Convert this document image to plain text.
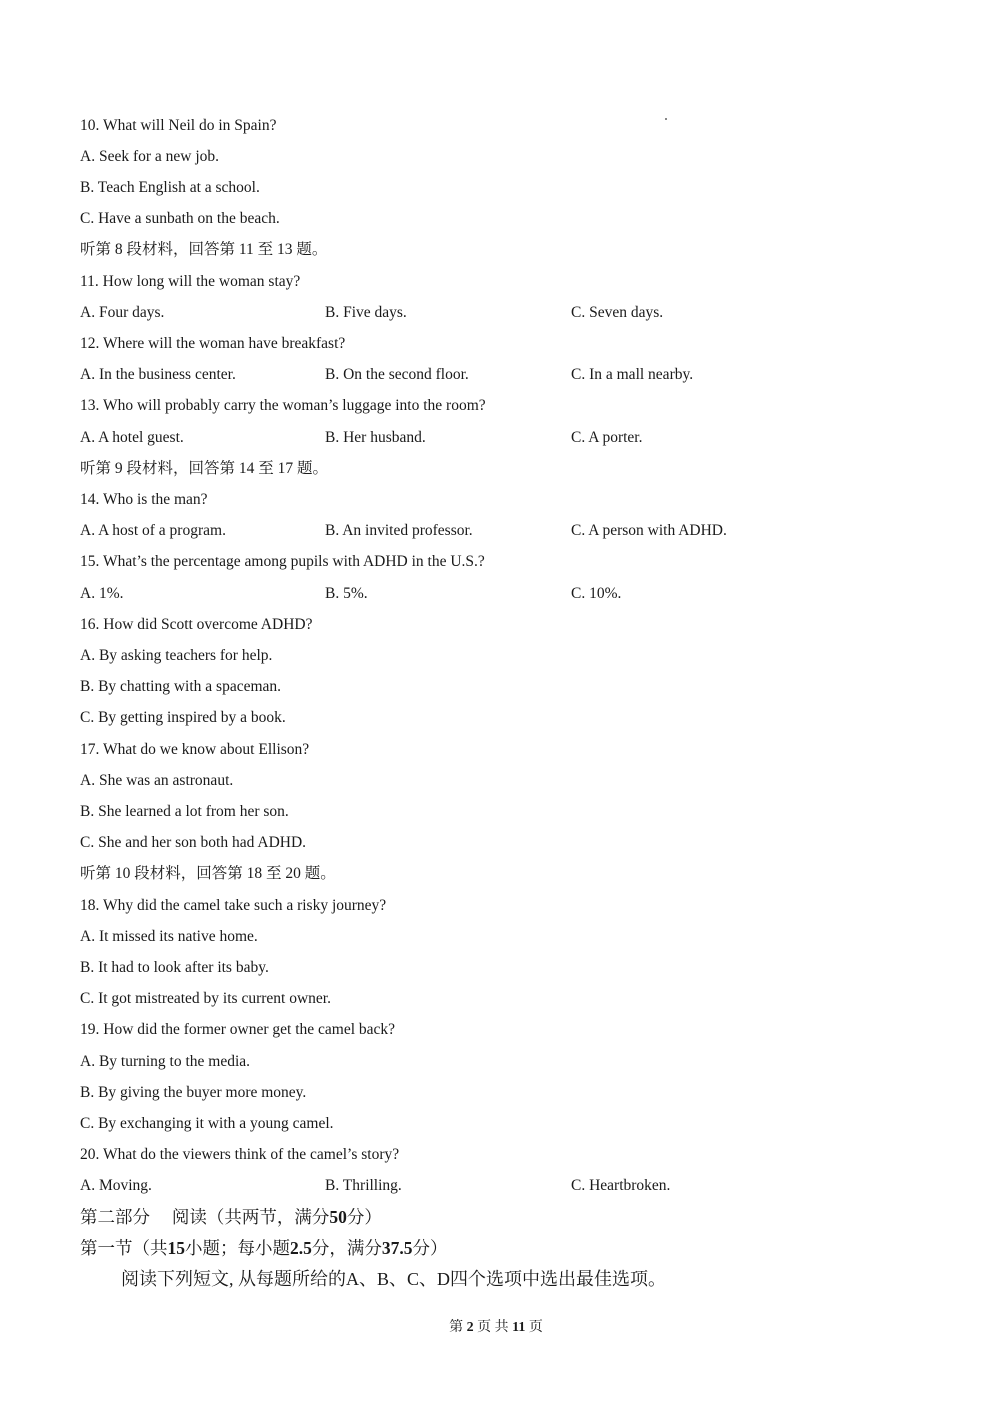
10. What will Neil do in Spain?
A. Seek for a new job.
B. Teach English at a school.
C. Have a sunbath on the beach.
听第 8 段材料，回答第 11 至 13 题。
11. How long will the woman stay?
A. Four days.	B. Five days.	C. Seven days.
12. Where will the woman have breakfast?
A. In the business center.	B. On the second floor.	C. In a mall nearby.
13. Who will probably carry the woman’s luggage into the room?
A. A hotel guest.	B. Her husband.	C. A porter.
听第 9 段材料，回答第 14 至 17 题。
14. Who is the man?
A. A host of a program.	B. An invited professor.	C. A person with ADHD.
15. What’s the percentage among pupils with ADHD in the U.S.?
A. 1%.	B. 5%.	C. 10%.
16. How did Scott overcome ADHD?
A. By asking teachers for help.
B. By chatting with a spaceman.
C. By getting inspired by a book.
17. What do we know about Ellison?
A. She was an astronaut.
B. She learned a lot from her son.
C. She and her son both had ADHD.
听第 10 段材料，回答第 18 至 20 题。
18. Why did the camel take such a risky journey?
A. It missed its native home.
B. It had to look after its baby.
C. It got mistreated by its current owner.
19. How did the former owner get the camel back?
A. By turning to the media.
B. By giving the buyer more money.
C. By exchanging it with a young camel.
20. What do the viewers think of the camel’s story?
A. Moving.	B. Thrilling.	C. Heartbroken.
第二部分　 阅读（共两节，满分50分）
第一节（共15小题；每小题2.5分，满分37.5分）
阅读下列短文, 从每题所给的A、B、C、D四个选项中选出最佳选项。
第 2 页 共 11 页
